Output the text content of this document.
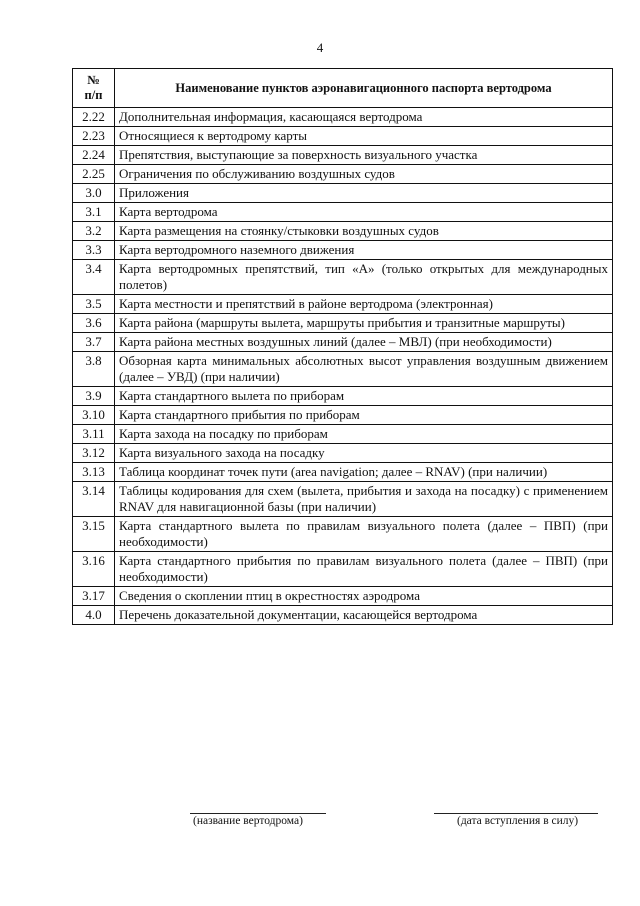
4
№
п/п	Наименование пунктов аэронавигационного паспорта вертодрома
2.22	Дополнительная информация, касающаяся вертодрома
2.23	Относящиеся к вертодрому карты
2.24	Препятствия, выступающие за поверхность визуального участка
2.25	Ограничения по обслуживанию воздушных судов
3.0	Приложения
3.1	Карта вертодрома
3.2	Карта размещения на стоянку/стыковки воздушных судов
3.3	Карта вертодромного наземного движения
3.4	Карта вертодромных препятствий, тип «А» (только открытых для международных полетов)
3.5	Карта местности и препятствий в районе вертодрома (электронная)
3.6	Карта района (маршруты вылета, маршруты прибытия и транзитные маршруты)
3.7	Карта района местных воздушных линий (далее – МВЛ) (при необходимости)
3.8	Обзорная карта минимальных абсолютных высот управления воздушным движением (далее – УВД) (при наличии)
3.9	Карта стандартного вылета по приборам
3.10	Карта стандартного прибытия по приборам
3.11	Карта захода на посадку по приборам
3.12	Карта визуального захода на посадку
3.13	Таблица координат точек пути (area navigation; далее – RNAV) (при наличии)
3.14	Таблицы кодирования для схем (вылета, прибытия и захода на посадку) с применением RNAV для навигационной базы (при наличии)
3.15	Карта стандартного вылета по правилам визуального полета (далее – ПВП) (при необходимости)
3.16	Карта стандартного прибытия по правилам визуального полета (далее – ПВП) (при необходимости)
3.17	Сведения о скоплении птиц в окрестностях аэродрома
4.0	Перечень доказательной документации, касающейся вертодрома
(название вертодрома)	(дата вступления в силу)
